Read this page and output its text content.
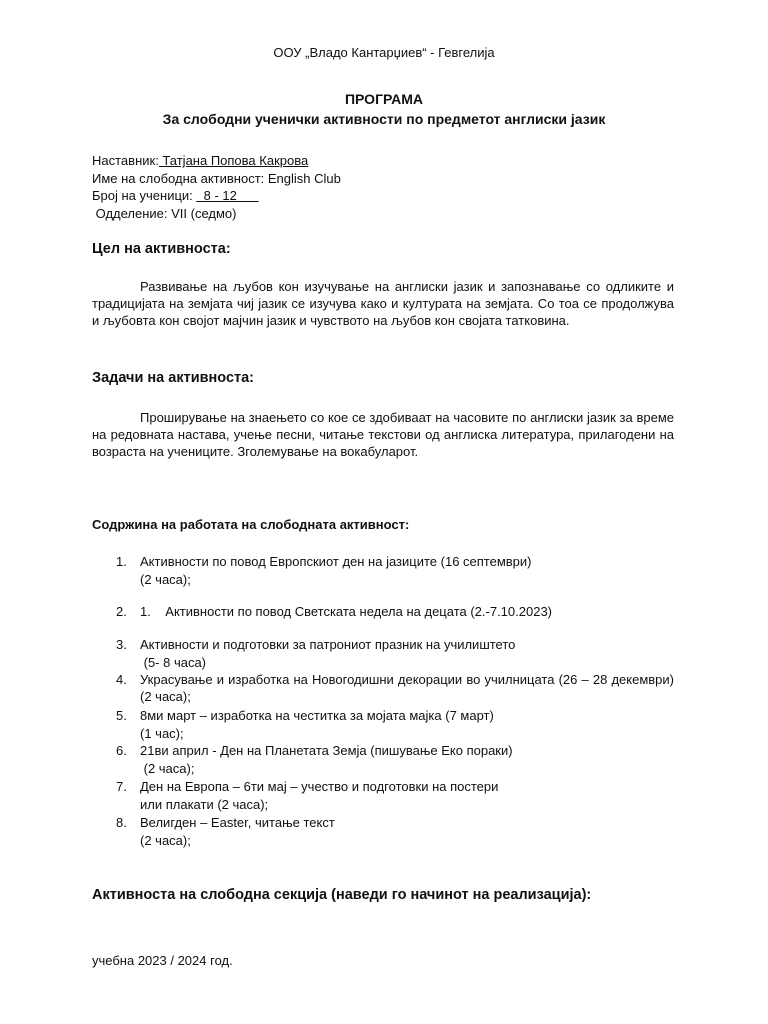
ООУ „Владо Кантарџиев“ - Гевгелија
ПРОГРАМА
За слободни ученички активности по предметот англиски јазик
Наставник: Татјана Попова Какрова
Име на слободна активност: English Club
Број на ученици:   8 - 12
Одделение: VII (седмо)
Цел на активноста:
Развивање на љубов кон изучување на англиски јазик и запознавање со одликите и традицијата на земјата чиј јазик се изучува како и културата на земјата. Со тоа се продолжува и љубовта кон својот мајчин јазик и чувството на љубов кон својата татковина.
Задачи на активноста:
Проширување на знаењето со кое се здобиваат на часовите по англиски јазик за време на редовната настава, учење песни, читање текстови од англиска литература, прилагодени на возраста на учениците. Зголемување на вокабуларот.
Содржина на работата на слободната активност:
1. Активности по повод Европскиот ден на јазиците (16 септември)
(2 часа);
2. 1.    Активности по повод Светската недела на децата (2.-7.10.2023)
3. Активности и подготовки за патрониот празник на училиштето
(5- 8 часа)
4. Украсување и изработка на Новогодишни декорации во училницата (26 – 28 декември) (2 часа);
5. 8ми март – изработка на честитка за мојата мајка (7 март)
(1 час);
6. 21ви април - Ден на Планетата Земја (пишување Еко пораки)
(2 часа);
7. Ден на Европа – 6ти мај – учество и подготовки на постери
или плакати (2 часа);
8. Велигден – Easter, читање текст
(2 часа);
Активноста на слободна секција (наведи го начинот на реализација):
учебна 2023 / 2024 год.
